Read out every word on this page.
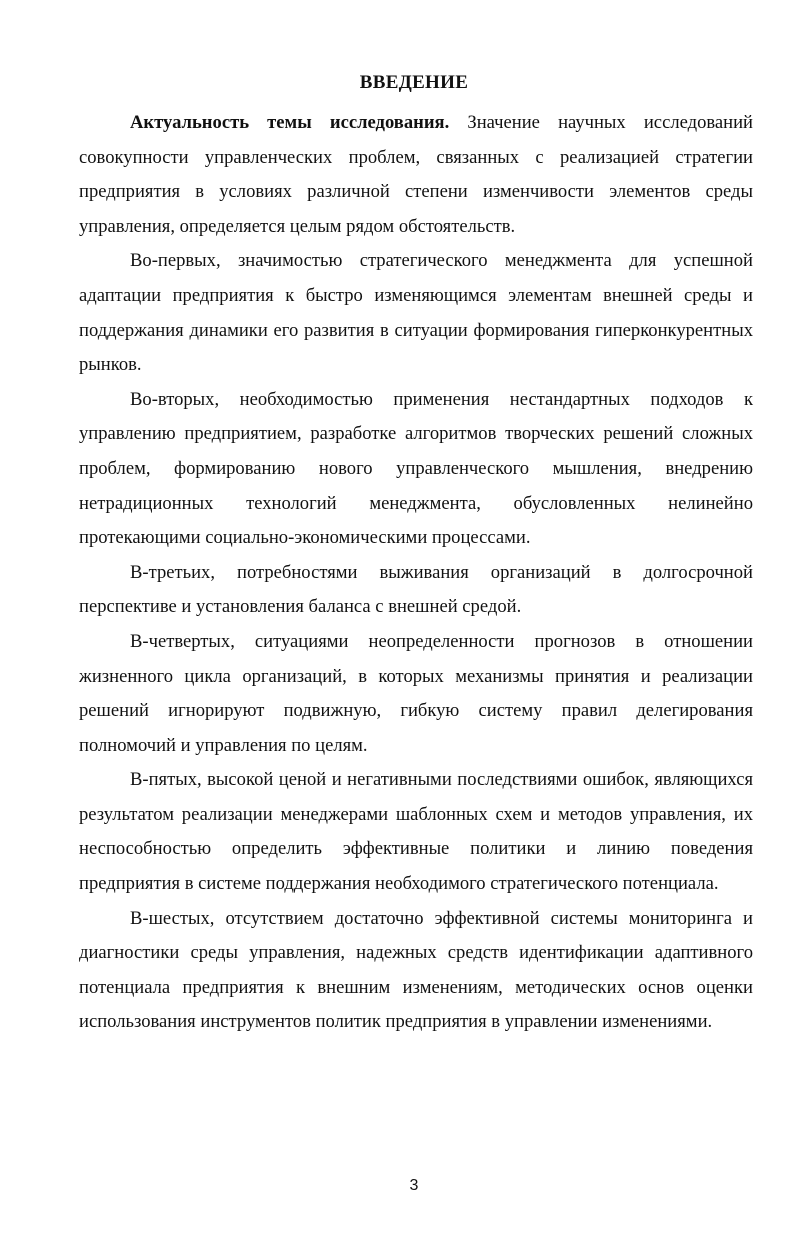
ВВЕДЕНИЕ

Актуальность темы исследования. Значение научных исследований совокупности управленческих проблем, связанных с реализацией стратегии предприятия в условиях различной степени изменчивости элементов среды управления, определяется целым рядом обстоятельств.

Во-первых, значимостью стратегического менеджмента для успешной адаптации предприятия к быстро изменяющимся элементам внешней среды и поддержания динамики его развития в ситуации формирования гиперконкурентных рынков.

Во-вторых, необходимостью применения нестандартных подходов к управлению предприятием, разработке алгоритмов творческих решений сложных проблем, формированию нового управленческого мышления, внедрению нетрадиционных технологий менеджмента, обусловленных нелинейно протекающими социально-экономическими процессами.

В-третьих, потребностями выживания организаций в долгосрочной перспективе и установления баланса с внешней средой.

В-четвертых, ситуациями неопределенности прогнозов в отношении жизненного цикла организаций, в которых механизмы принятия и реализации решений игнорируют подвижную, гибкую систему правил делегирования полномочий и управления по целям.

В-пятых, высокой ценой и негативными последствиями ошибок, являющихся результатом реализации менеджерами шаблонных схем и методов управления, их неспособностью определить эффективные политики и линию поведения предприятия в системе поддержания необходимого стратегического потенциала.

В-шестых, отсутствием достаточно эффективной системы мониторинга и диагностики среды управления, надежных средств идентификации адаптивного потенциала предприятия к внешним изменениям, методических основ оценки использования инструментов политик предприятия в управлении изменениями.

3
